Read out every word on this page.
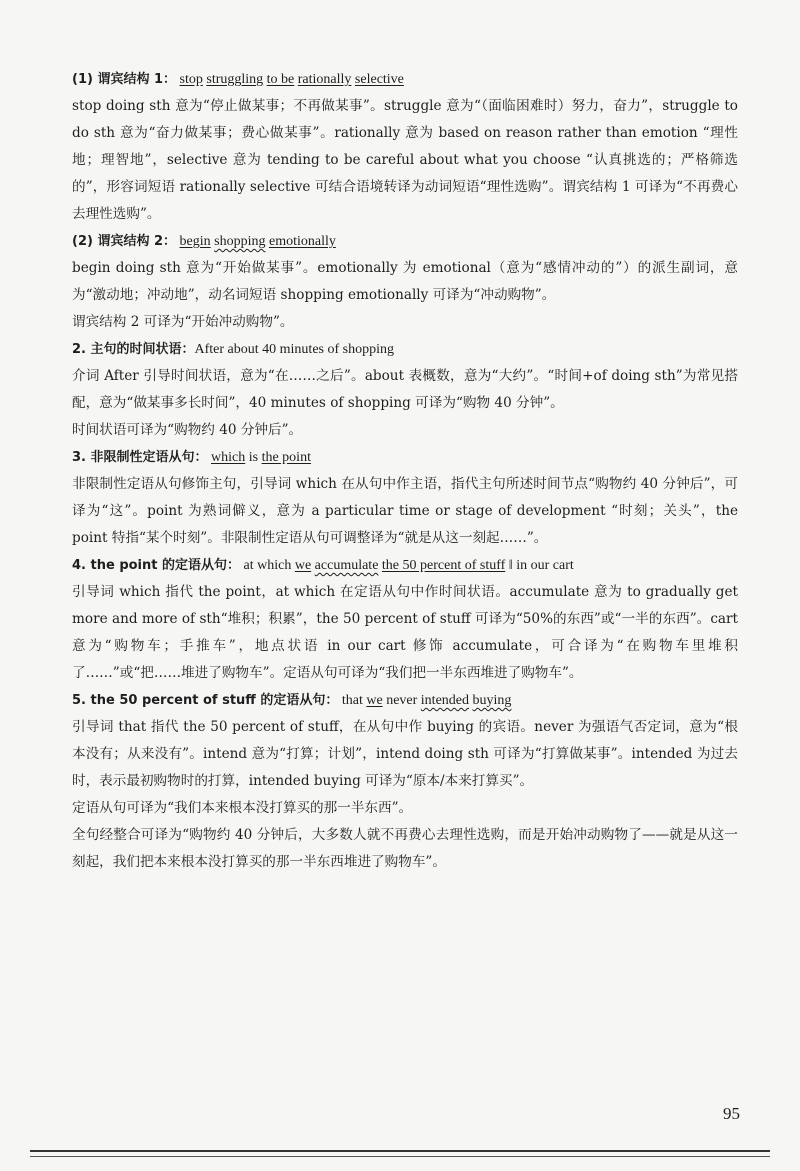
(1) 谓宾结构 1： stop struggling to be rationally selective

stop doing sth 意为“停止做某事；不再做某事”。struggle 意为“（面临困难时）努力，奋力”，struggle to do sth 意为“奋力做某事；费心做某事”。rationally 意为 based on reason rather than emotion “理性地；理智地”，selective 意为 tending to be careful about what you choose “认真挑选的；严格筛选的”，形容词短语 rationally selective 可结合语境转译为动词短语“理性选购”。谓宾结构 1 可译为“不再费心去理性选购”。

(2) 谓宾结构 2： begin shopping emotionally

begin doing sth 意为“开始做某事”。emotionally 为 emotional（意为“感情冲动的”）的派生副词，意为“激动地；冲动地”，动名词短语 shopping emotionally 可译为“冲动购物”。

谓宾结构 2 可译为“开始冲动购物”。

2. 主句的时间状语：After about 40 minutes of shopping

介词 After 引导时间状语，意为“在……之后”。about 表概数，意为“大约”。“时间+of doing sth”为常见搭配，意为“做某事多长时间”，40 minutes of shopping 可译为“购物 40 分钟”。

时间状语可译为“购物约 40 分钟后”。

3. 非限制性定语从句： which is the point

非限制性定语从句修饰主句，引导词 which 在从句中作主语，指代主句所述时间节点“购物约 40 分钟后”，可译为“这”。point 为熟词僻义，意为 a particular time or stage of development “时刻；关头”，the point 特指“某个时刻”。非限制性定语从句可调整译为“就是从这一刻起……”。

4. the point 的定语从句： at which we accumulate the 50 percent of stuff ‖ in our cart

引导词 which 指代 the point，at which 在定语从句中作时间状语。accumulate 意为 to gradually get more and more of sth“堆积；积累”，the 50 percent of stuff 可译为“50%的东西”或“一半的东西”。cart 意为“购物车；手推车”，地点状语 in our cart 修饰 accumulate，可合译为“在购物车里堆积了……”或“把……堆进了购物车”。定语从句可译为“我们把一半东西堆进了购物车”。

5. the 50 percent of stuff 的定语从句： that we never intended buying

引导词 that 指代 the 50 percent of stuff，在从句中作 buying 的宾语。never 为强语气否定词，意为“根本没有；从来没有”。intend 意为“打算；计划”，intend doing sth 可译为“打算做某事”。intended 为过去时，表示最初购物时的打算，intended buying 可译为“原本/本来打算买”。

定语从句可译为“我们本来根本没打算买的那一半东西”。

全句经整合可译为“购物约 40 分钟后，大多数人就不再费心去理性选购，而是开始冲动购物了——就是从这一刻起，我们把本来根本没打算买的那一半东西堆进了购物车”。

95
